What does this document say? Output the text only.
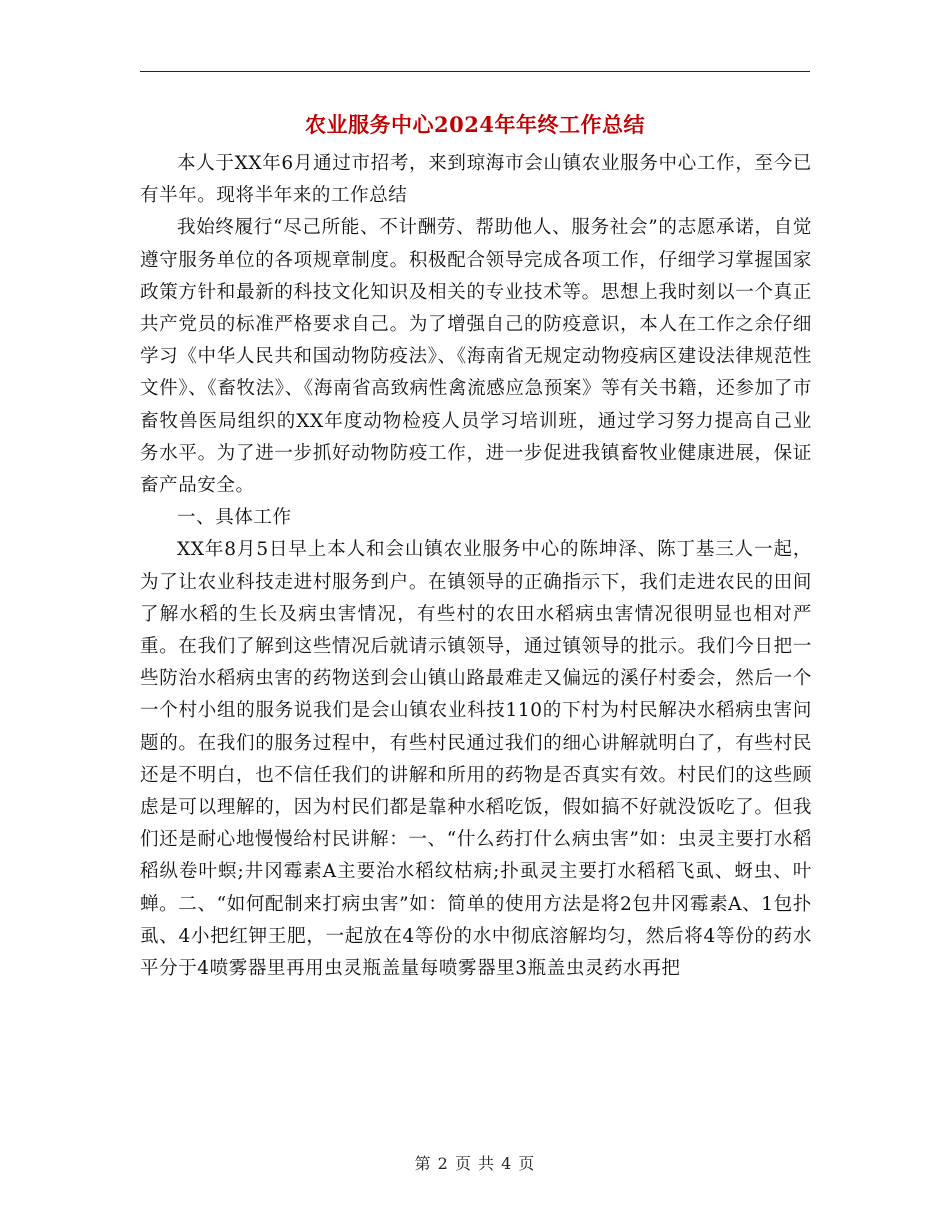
农业服务中心2024年年终工作总结

本人于XX年6月通过市招考，来到琼海市会山镇农业服务中心工作，至今已有半年。现将半年来的工作总结

我始终履行“尽己所能、不计酬劳、帮助他人、服务社会”的志愿承诺，自觉遵守服务单位的各项规章制度。积极配合领导完成各项工作，仔细学习掌握国家政策方针和最新的科技文化知识及相关的专业技术等。思想上我时刻以一个真正共产党员的标准严格要求自己。为了增强自己的防疫意识，本人在工作之余仔细学习《中华人民共和国动物防疫法》、《海南省无规定动物疫病区建设法律规范性文件》、《畜牧法》、《海南省高致病性禽流感应急预案》等有关书籍，还参加了市畜牧兽医局组织的XX年度动物检疫人员学习培训班，通过学习努力提高自己业务水平。为了进一步抓好动物防疫工作，进一步促进我镇畜牧业健康进展，保证畜产品安全。

一、具体工作

XX年8月5日早上本人和会山镇农业服务中心的陈坤泽、陈丁基三人一起，为了让农业科技走进村服务到户。在镇领导的正确指示下，我们走进农民的田间了解水稻的生长及病虫害情况，有些村的农田水稻病虫害情况很明显也相对严重。在我们了解到这些情况后就请示镇领导，通过镇领导的批示。我们今日把一些防治水稻病虫害的药物送到会山镇山路最难走又偏远的溪仔村委会，然后一个一个村小组的服务说我们是会山镇农业科技110的下村为村民解决水稻病虫害问题的。在我们的服务过程中，有些村民通过我们的细心讲解就明白了，有些村民还是不明白，也不信任我们的讲解和所用的药物是否真实有效。村民们的这些顾虑是可以理解的，因为村民们都是靠种水稻吃饭，假如搞不好就没饭吃了。但我们还是耐心地慢慢给村民讲解：一、“什么药打什么病虫害”如：虫灵主要打水稻稻纵卷叶螟;井冈霉素A主要治水稻纹枯病;扑虱灵主要打水稻稻飞虱、蚜虫、叶蝉。二、“如何配制来打病虫害”如：简单的使用方法是将2包井冈霉素A、1包扑虱、4小把红钾王肥，一起放在4等份的水中彻底溶解均匀，然后将4等份的药水平分于4喷雾器里再用虫灵瓶盖量每喷雾器里3瓶盖虫灵药水再把

第 2 页 共 4 页
